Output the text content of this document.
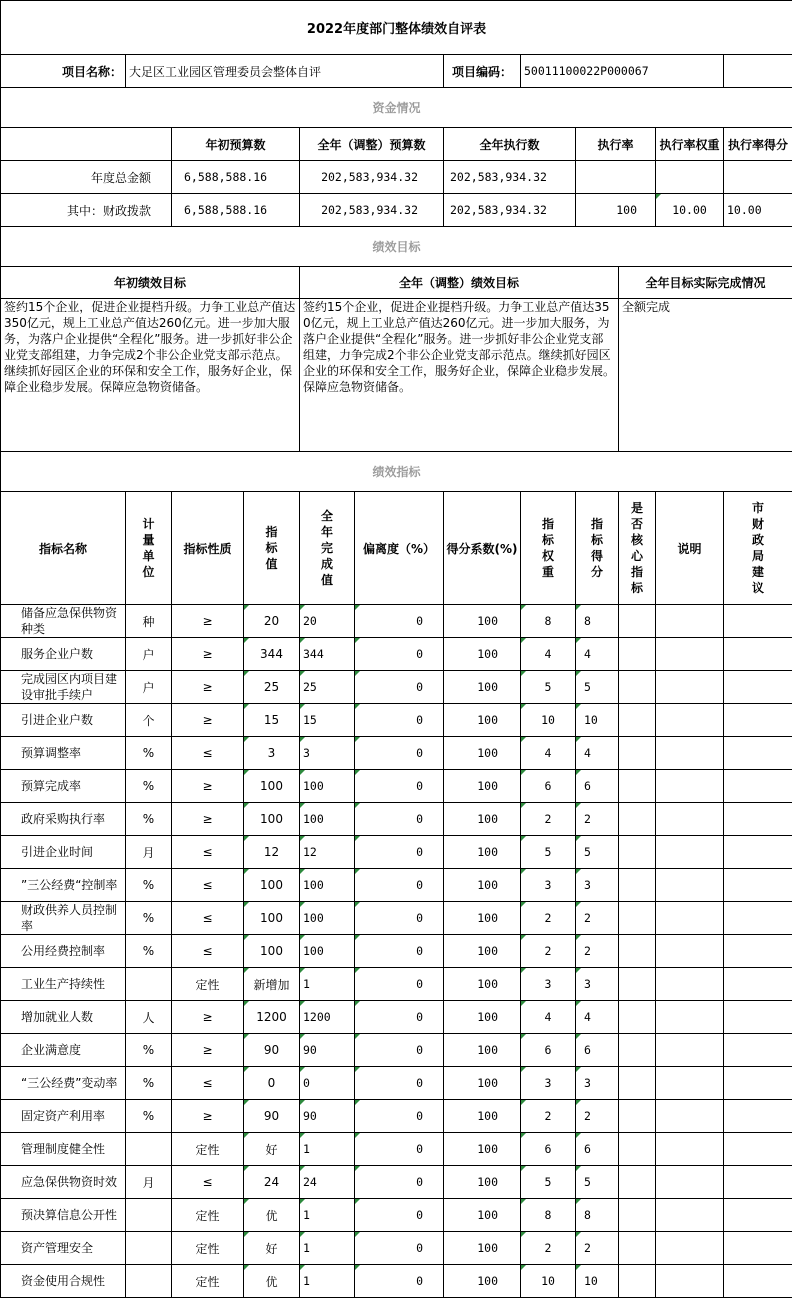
2022年度部门整体绩效自评表											
项目名称：	大足区工业园区管理委员会整体自评					项目编码：	50011100022P000067				
资金情况											
		年初预算数		全年（调整）预算数		全年执行数		执行率		执行率权重	执行率得分
年度总金额		6,588,588.16		202,583,934.32		202,583,934.32					
其中：财政拨款		6,588,588.16		202,583,934.32		202,583,934.32		100		10.00	10.00
绩效目标											
年初绩效目标				全年（调整）绩效目标					全年目标实际完成情况		
签约15个企业，促进企业提档升级。力争工业总产值达350亿元，规上工业总产值达260亿元。进一步加大服务，为落户企业提供“全程化”服务。进一步抓好非公企业党支部组建，力争完成2个非公企业党支部示范点。继续抓好园区企业的环保和安全工作，服务好企业，保障企业稳步发展。保障应急物资储备。				签约15个企业，促进企业提档升级。力争工业总产值达350亿元，规上工业总产值达260亿元。进一步加大服务，为落户企业提供“全程化”服务。进一步抓好非公企业党支部组建，力争完成2个非公企业党支部示范点。继续抓好园区企业的环保和安全工作，服务好企业，保障企业稳步发展。保障应急物资储备。					全额完成		
绩效指标											
指标名称	计量单位	指标性质	指标值	全年完成值	偏离度（%）	得分系数(%)	指标权重	指标得分	是否核心指标	说明	市财政局建议

储备应急保供物资种类	种	≥	20	20	0	100	8	8			
服务企业户数	户	≥	344	344	0	100	4	4			
完成园区内项目建设审批手续户	户	≥	25	25	0	100	5	5			
引进企业户数	个	≥	15	15	0	100	10	10			
预算调整率	%	≤	3	3	0	100	4	4			
预算完成率	%	≥	100	100	0	100	6	6			
政府采购执行率	%	≥	100	100	0	100	2	2			
引进企业时间	月	≤	12	12	0	100	5	5			
”三公经费“控制率	%	≤	100	100	0	100	3	3			
财政供养人员控制率	%	≤	100	100	0	100	2	2			
公用经费控制率	%	≤	100	100	0	100	2	2			
工业生产持续性		定性	新增加	1	0	100	3	3			
增加就业人数	人	≥	1200	1200	0	100	4	4			
企业满意度	%	≥	90	90	0	100	6	6			
“三公经费”变动率	%	≤	0	0	0	100	3	3			
固定资产利用率	%	≥	90	90	0	100	2	2			
管理制度健全性		定性	好	1	0	100	6	6			
应急保供物资时效	月	≤	24	24	0	100	5	5			
预决算信息公开性		定性	优	1	0	100	8	8			
资产管理安全		定性	好	1	0	100	2	2			
资金使用合规性		定性	优	1	0	100	10	10			
